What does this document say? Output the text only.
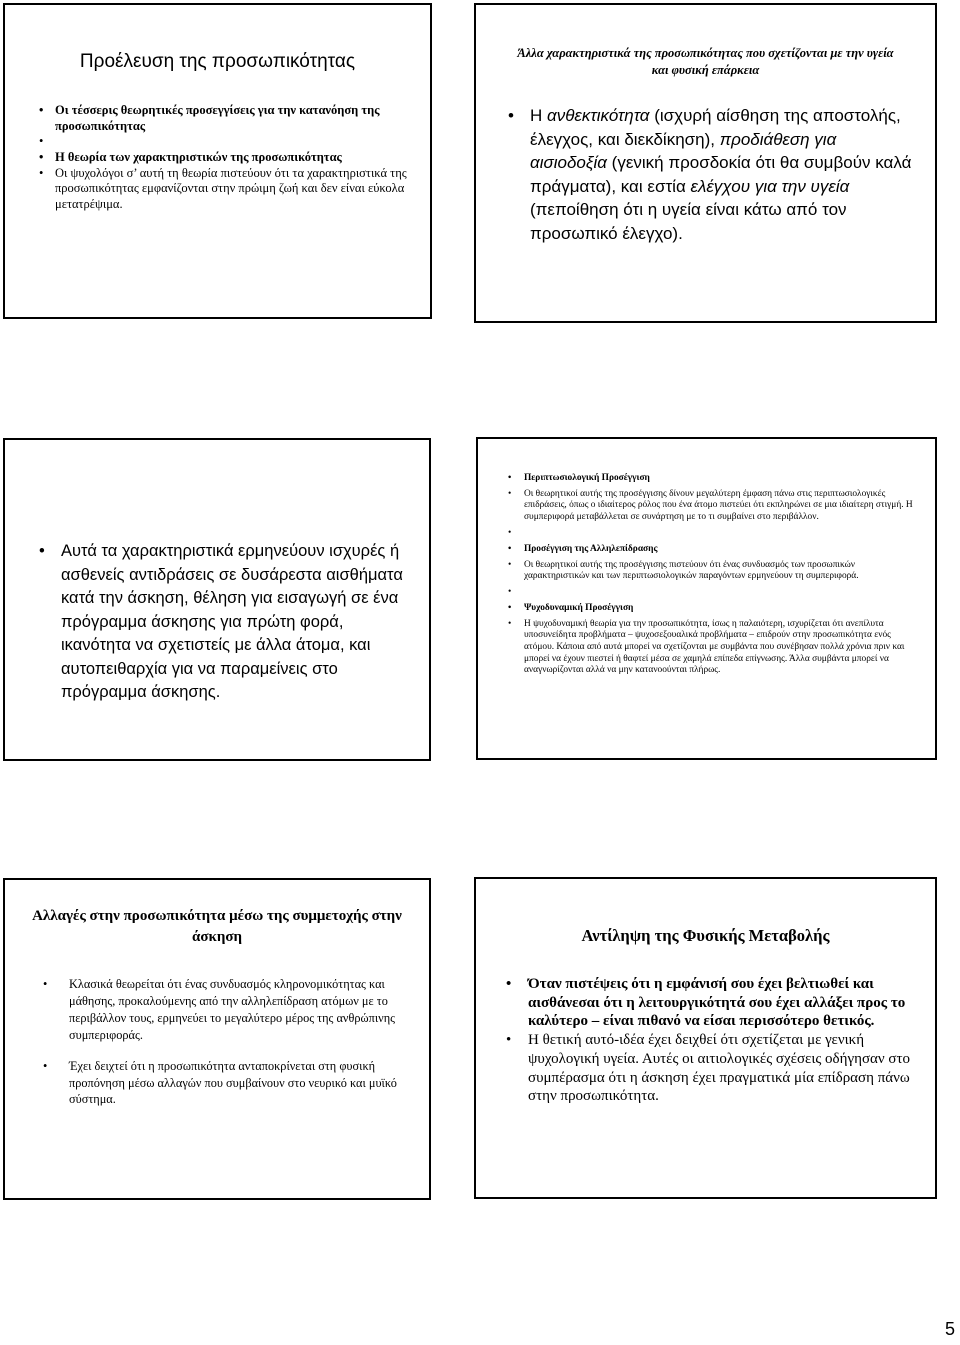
Προέλευση της προσωπικότητας
• Οι τέσσερις θεωρητικές προσεγγίσεις για την κατανόηση της προσωπικότητας
•
• Η θεωρία των χαρακτηριστικών της προσωπικότητας
• Οι ψυχολόγοι σ’ αυτή τη θεωρία πιστεύουν ότι τα χαρακτηριστικά της προσωπικότητας εμφανίζονται στην πρώιμη ζωή και δεν είναι εύκολα μετατρέψιμα.
Άλλα χαρακτηριστικά της προσωπικότητας που σχετίζονται με την υγεία και φυσική επάρκεια
• Η ανθεκτικότητα (ισχυρή αίσθηση της αποστολής, έλεγχος, και διεκδίκηση), προδιάθεση για αισιοδοξία (γενική προσδοκία ότι θα συμβούν καλά πράγματα), και εστία ελέγχου για την υγεία (πεποίθηση ότι η υγεία είναι κάτω από τον προσωπικό έλεγχο).
• Αυτά τα χαρακτηριστικά ερμηνεύουν ισχυρές ή ασθενείς αντιδράσεις σε δυσάρεστα αισθήματα κατά την άσκηση, θέληση για εισαγωγή σε ένα πρόγραμμα άσκησης για πρώτη φορά, ικανότητα να σχετιστείς με άλλα άτομα, και αυτοπειθαρχία για να παραμείνεις στο πρόγραμμα άσκησης.
• Περιπτωσιολογική Προσέγγιση
• Οι θεωρητικοί αυτής της προσέγγισης δίνουν μεγαλύτερη έμφαση πάνω στις περιπτωσιολογικές επιδράσεις, όπως ο ιδιαίτερος ρόλος που ένα άτομο πιστεύει ότι εκπληρώνει σε μια ιδιαίτερη στιγμή. Η συμπεριφορά μεταβάλλεται σε συνάρτηση με το τι συμβαίνει στο περιβάλλον.
•
• Προσέγγιση της Αλληλεπίδρασης
• Οι θεωρητικοί αυτής της προσέγγισης πιστεύουν ότι ένας συνδυασμός των προσωπικών χαρακτηριστικών και των περιπτωσιολογικών παραγόντων ερμηνεύουν τη συμπεριφορά.
•
• Ψυχοδυναμική Προσέγγιση
• Η ψυχοδυναμική θεωρία για την προσωπικότητα, ίσως η παλαιότερη, ισχυρίζεται ότι ανεπίλυτα υποσυνείδητα προβλήματα – ψυχοσεξουαλικά προβλήματα – επιδρούν στην προσωπικότητα ενός ατόμου. Κάποια από αυτά μπορεί να σχετίζονται με συμβάντα που συνέβησαν πολλά χρόνια πριν και μπορεί να έχουν πιεστεί ή θαφτεί μέσα σε χαμηλά επίπεδα επίγνωσης. Άλλα συμβάντα μπορεί να αναγνωρίζονται αλλά να μην κατανοούνται πλήρως.
Αλλαγές στην προσωπικότητα μέσω της συμμετοχής στην άσκηση
• Κλασικά θεωρείται ότι ένας συνδυασμός κληρονομικότητας και μάθησης, προκαλούμενης από την αλληλεπίδραση ατόμων με το περιβάλλον τους, ερμηνεύει το μεγαλύτερο μέρος της ανθρώπινης συμπεριφοράς.
• Έχει δειχτεί ότι η προσωπικότητα ανταποκρίνεται στη φυσική προπόνηση μέσω αλλαγών που συμβαίνουν στο νευρικό και μυϊκό σύστημα.
Αντίληψη της Φυσικής Μεταβολής
• Όταν πιστέψεις ότι η εμφάνισή σου έχει βελτιωθεί και αισθάνεσαι ότι η λειτουργικότητά σου έχει αλλάξει προς το καλύτερο – είναι πιθανό να είσαι περισσότερο θετικός.
• Η θετική αυτό-ιδέα έχει δειχθεί ότι σχετίζεται με γενική ψυχολογική υγεία. Αυτές οι αιτιολογικές σχέσεις οδήγησαν στο συμπέρασμα ότι η άσκηση έχει πραγματικά μία επίδραση πάνω στην προσωπικότητα.
5
